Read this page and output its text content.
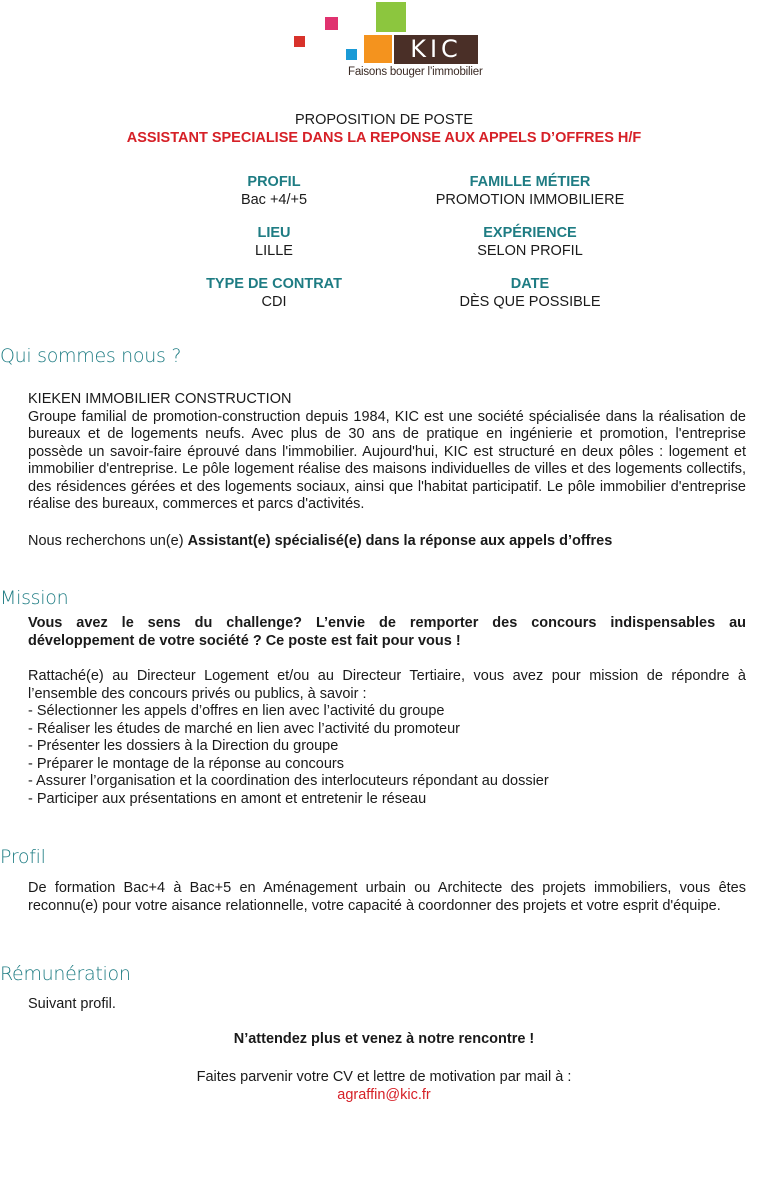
KIC
Faisons bouger l’immobilier
PROPOSITION DE POSTE
ASSISTANT SPECIALISE DANS LA REPONSE AUX APPELS D’OFFRES H/F
PROFIL
Bac +4/+5
FAMILLE MÉTIER
PROMOTION IMMOBILIERE
LIEU
LILLE
EXPÉRIENCE
SELON PROFIL
TYPE DE CONTRAT
CDI
DATE
DÈS QUE POSSIBLE
Qui sommes nous ?
KIEKEN IMMOBILIER CONSTRUCTION
Groupe familial de promotion-construction depuis 1984, KIC est une société spécialisée dans la réalisation de
bureaux et de logements neufs. Avec plus de 30 ans de pratique en ingénierie et promotion, l'entreprise
possède un savoir-faire éprouvé dans l'immobilier. Aujourd'hui, KIC est structuré en deux pôles : logement et
immobilier d'entreprise. Le pôle logement réalise des maisons individuelles de villes et des logements collectifs,
des résidences gérées et des logements sociaux, ainsi que l'habitat participatif. Le pôle immobilier d'entreprise
réalise des bureaux, commerces et parcs d'activités.
Nous recherchons un(e) Assistant(e) spécialisé(e) dans la réponse aux appels d’offres
Mission
Vous avez le sens du challenge? L’envie de remporter des concours indispensables au
développement de votre société ? Ce poste est fait pour vous !
Rattaché(e) au Directeur Logement et/ou au Directeur Tertiaire, vous avez pour mission de répondre à
l’ensemble des concours privés ou publics, à savoir :
- Sélectionner les appels d’offres en lien avec l’activité du groupe
- Réaliser les études de marché en lien avec l’activité du promoteur
- Présenter les dossiers à la Direction du groupe
- Préparer le montage de la réponse au concours
- Assurer l’organisation et la coordination des interlocuteurs répondant au dossier
- Participer aux présentations en amont et entretenir le réseau
Profil
De formation Bac+4 à Bac+5 en Aménagement urbain ou Architecte des projets immobiliers, vous êtes
reconnu(e) pour votre aisance relationnelle, votre capacité à coordonner des projets et votre esprit d'équipe.
Rémunération
Suivant profil.
N’attendez plus et venez à notre rencontre !
Faites parvenir votre CV et lettre de motivation par mail à :
agraffin@kic.fr
